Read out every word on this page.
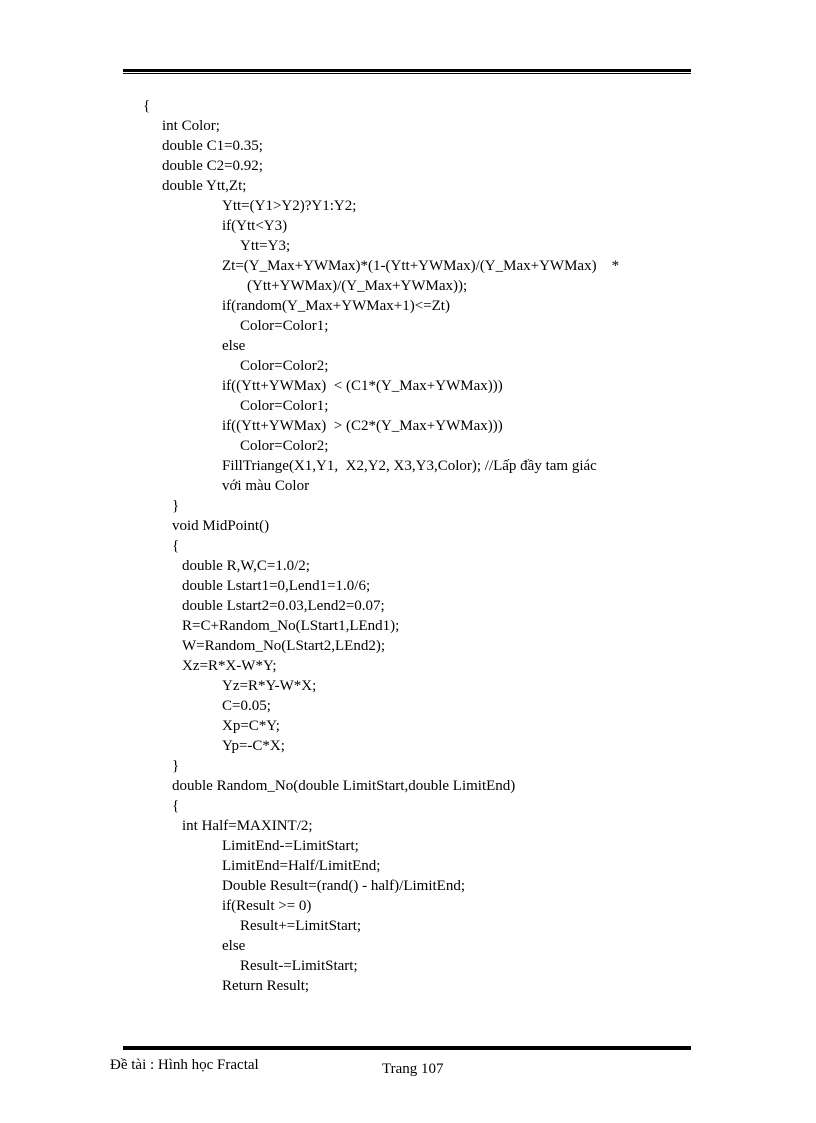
{
int Color;
double C1=0.35;
double C2=0.92;
double Ytt,Zt;
Ytt=(Y1>Y2)?Y1:Y2;
if(Ytt<Y3)
Ytt=Y3;
Zt=(Y_Max+YWMax)*(1-(Ytt+YWMax)/(Y_Max+YWMax)    *
(Ytt+YWMax)/(Y_Max+YWMax));
if(random(Y_Max+YWMax+1)<=Zt)
Color=Color1;
else
Color=Color2;
if((Ytt+YWMax)  < (C1*(Y_Max+YWMax)))
Color=Color1;
if((Ytt+YWMax)  > (C2*(Y_Max+YWMax)))
Color=Color2;
FillTriange(X1,Y1,  X2,Y2, X3,Y3,Color); //Lấp đầy tam giác
với màu Color
}
void MidPoint()
{
double R,W,C=1.0/2;
double Lstart1=0,Lend1=1.0/6;
double Lstart2=0.03,Lend2=0.07;
R=C+Random_No(LStart1,LEnd1);
W=Random_No(LStart2,LEnd2);
Xz=R*X-W*Y;
Yz=R*Y-W*X;
C=0.05;
Xp=C*Y;
Yp=-C*X;
}
double Random_No(double LimitStart,double LimitEnd)
{
int Half=MAXINT/2;
LimitEnd-=LimitStart;
LimitEnd=Half/LimitEnd;
Double Result=(rand() - half)/LimitEnd;
if(Result >= 0)
Result+=LimitStart;
else
Result-=LimitStart;
Return Result;
Đề tài : Hình học Fractal	Trang 107
